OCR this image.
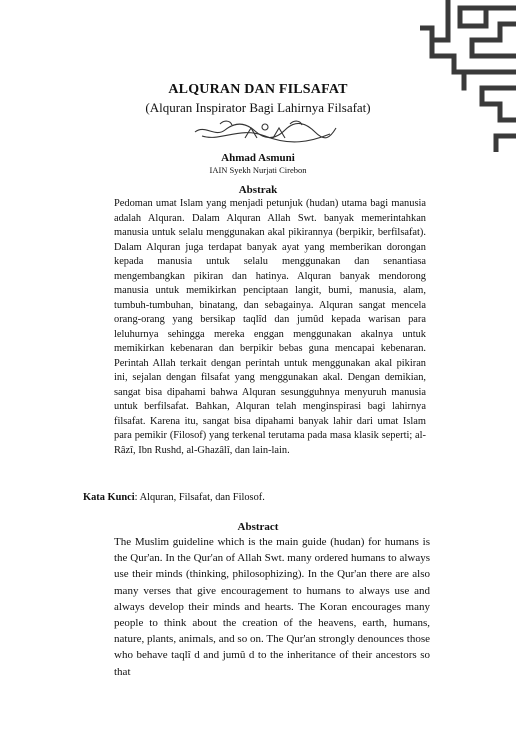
ALQURAN DAN FILSAFAT
(Alquran Inspirator Bagi Lahirnya Filsafat)
Ahmad Asmuni
IAIN Syekh Nurjati Cirebon
Abstrak

Pedoman umat Islam yang menjadi petunjuk (hudan) utama bagi manusia adalah Alquran. Dalam Alquran Allah Swt. banyak memerintahkan manusia untuk selalu menggunakan akal pikirannya (berpikir, berfilsafat). Dalam Alquran juga terdapat banyak ayat yang memberikan dorongan kepada manusia untuk selalu menggunakan dan senantiasa mengembangkan pikiran dan hatinya. Alquran banyak mendorong manusia untuk memikirkan penciptaan langit, bumi, manusia, alam, tumbuh-tumbuhan, binatang, dan sebagainya. Alquran sangat mencela orang-orang yang bersikap taqlîd dan jumûd kepada warisan para leluhurnya sehingga mereka enggan menggunakan akalnya untuk memikirkan kebenaran dan berpikir bebas guna mencapai kebenaran. Perintah Allah terkait dengan perintah untuk menggunakan akal pikiran ini, sejalan dengan filsafat yang menggunakan akal. Dengan demikian, sangat bisa dipahami bahwa Alquran sesungguhnya menyuruh manusia untuk berfilsafat. Bahkan, Alquran telah menginspirasi bagi lahirnya filsafat. Karena itu, sangat bisa dipahami banyak lahir dari umat Islam para pemikir (Filosof) yang terkenal terutama pada masa klasik seperti; al-Râzî, Ibn Rushd, al-Ghazâlî, dan lain-lain.

Kata Kunci: Alquran, Filsafat, dan Filosof.
Abstract

The Muslim guideline which is the main guide (hudan) for humans is the Qur'an. In the Qur'an of Allah Swt. many ordered humans to always use their minds (thinking, philosophizing). In the Qur'an there are also many verses that give encouragement to humans to always use and always develop their minds and hearts. The Koran encourages many people to think about the creation of the heavens, earth, humans, nature, plants, animals, and so on. The Qur'an strongly denounces those who behave taqlî d and jumû d to the inheritance of their ancestors so that
